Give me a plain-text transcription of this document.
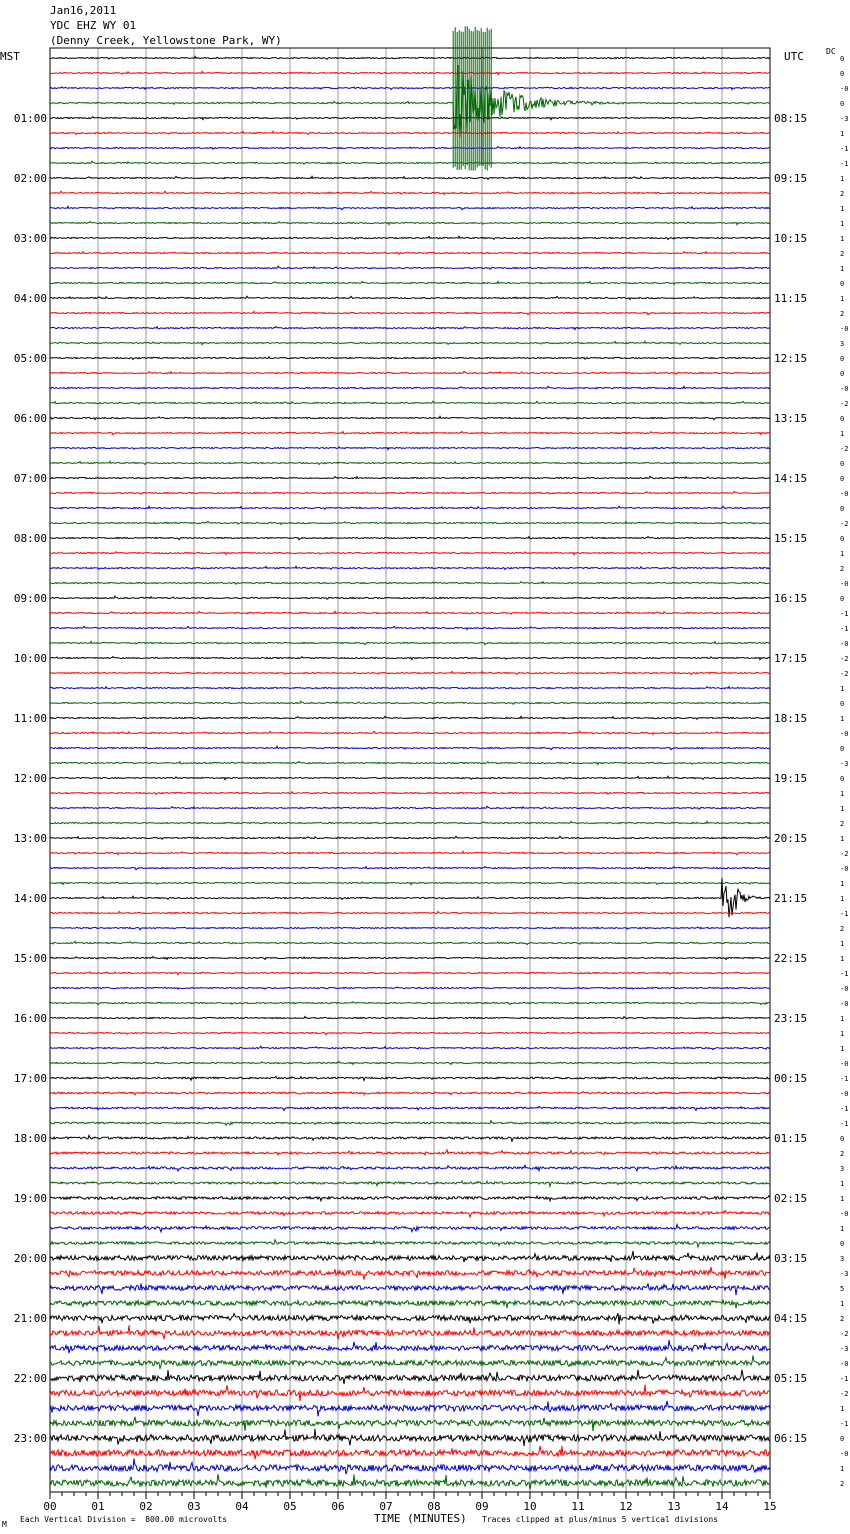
Jan16,2011
YDC EHZ WY 01
(Denny Creek, Yellowstone Park, WY)
MST	UTC	DC
TIME (MINUTES)
Each Vertical Division =  800.00 microvolts	Traces clipped at plus/minus 5 vertical divisions
M
0
0
-0
0
01:00	08:15	-3
1
-1
-1
02:00	09:15	1
2
1
1
03:00	10:15	1
2
1
0
04:00	11:15	1
2
-0
3
05:00	12:15	0
0
-0
-2
06:00	13:15	0
1
-2
0
07:00	14:15	0
-0
0
-2
08:00	15:15	0
1
2
-0
09:00	16:15	0
-1
-1
-0
10:00	17:15	-2
-2
1
0
11:00	18:15	1
-0
0
-3
12:00	19:15	0
1
1
2
13:00	20:15	1
-2
-0
1
14:00	21:15	1
-1
2
1
15:00	22:15	1
-1
-0
-0
16:00	23:15	1
1
1
-0
17:00	00:15	-1
-0
-1
-1
18:00	01:15	0
2
3
1
19:00	02:15	1
-0
1
0
20:00	03:15	3
-3
5
1
21:00	04:15	2
-2
-3
-0
22:00	05:15	-1
-2
1
-1
23:00	06:15	0
-0
1
2
00	01	02	03	04	05	06	07	08	09	10	11	12	13	14	15
